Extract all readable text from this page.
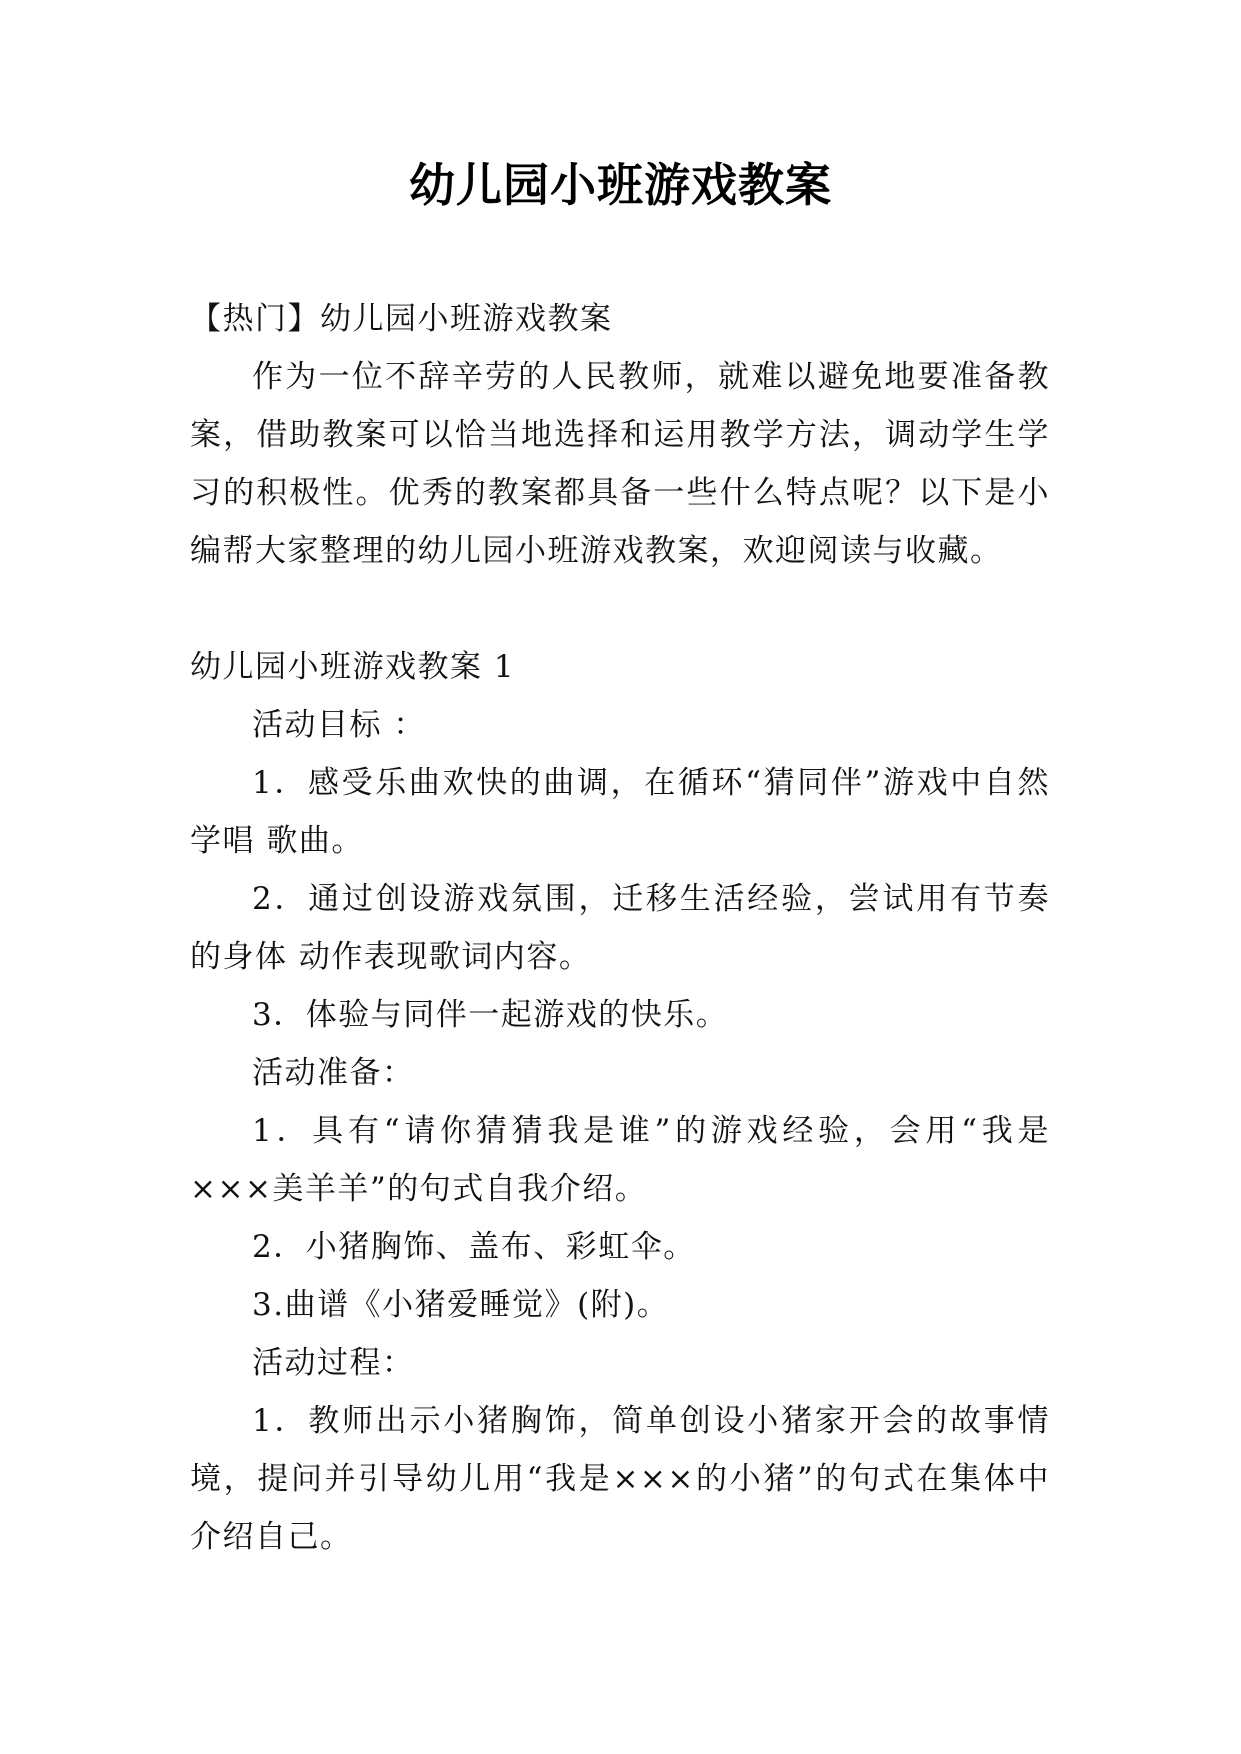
幼儿园小班游戏教案

【热门】幼儿园小班游戏教案

作为一位不辞辛劳的人民教师，就难以避免地要准备教案，借助教案可以恰当地选择和运用教学方法，调动学生学习的积极性。优秀的教案都具备一些什么特点呢？以下是小编帮大家整理的幼儿园小班游戏教案，欢迎阅读与收藏。

幼儿园小班游戏教案 1

活动目标 ：

1．感受乐曲欢快的曲调，在循环“猜同伴”游戏中自然学唱 歌曲。

2．通过创设游戏氛围，迁移生活经验，尝试用有节奏的身体 动作表现歌词内容。

3．体验与同伴一起游戏的快乐。

活动准备：

1．具有“请你猜猜我是谁”的游戏经验，会用“我是×××美羊羊”的句式自我介绍。

2．小猪胸饰、盖布、彩虹伞。

3.曲谱《小猪爱睡觉》(附)。

活动过程：

1．教师出示小猪胸饰，简单创设小猪家开会的故事情境，提问并引导幼儿用“我是×××的小猪”的句式在集体中介绍自己。
